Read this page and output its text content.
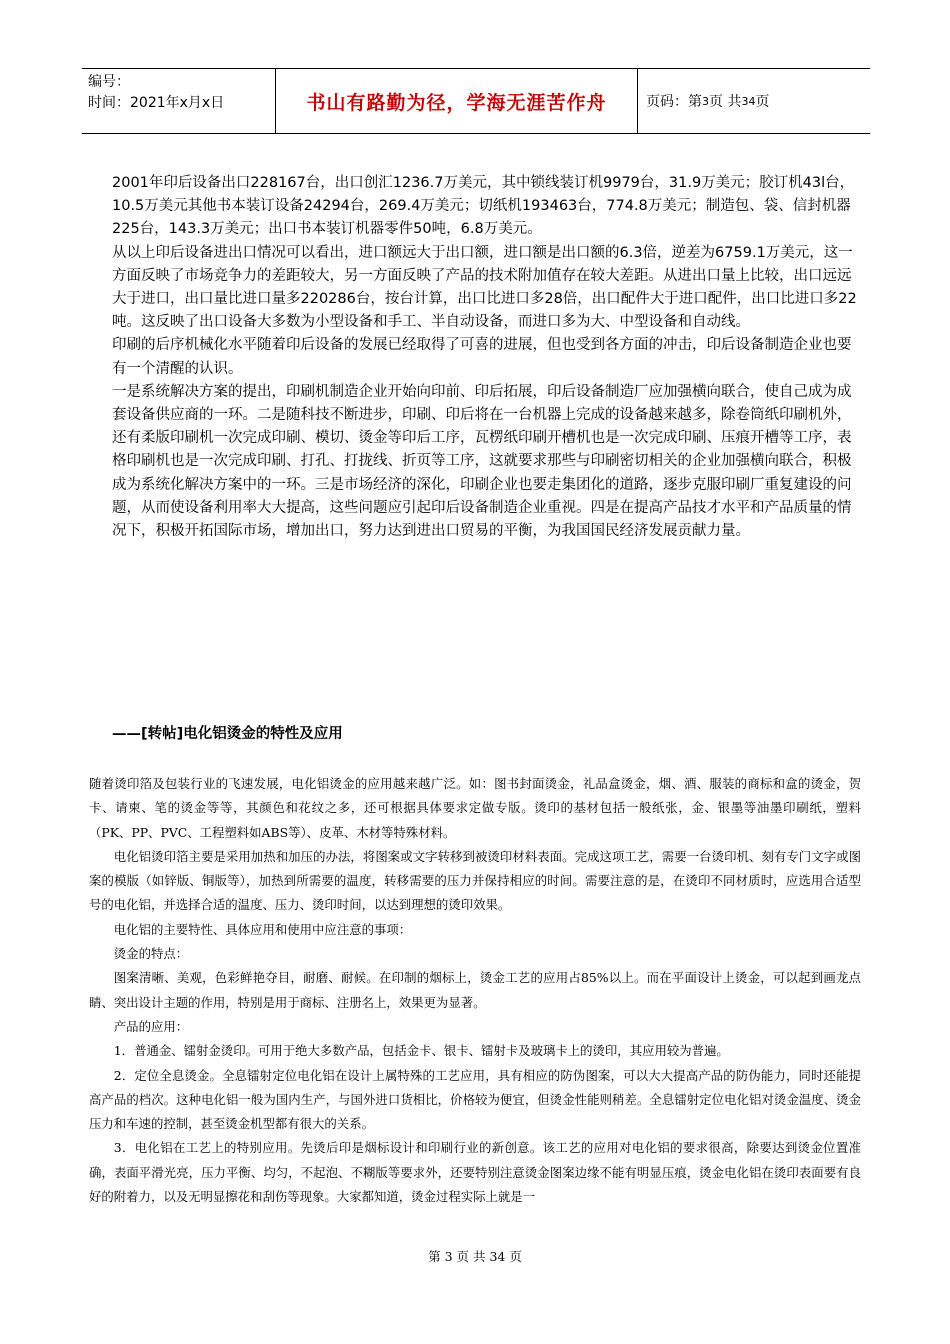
编号：
时间：2021年x月x日	书山有路勤为径，学海无涯苦作舟	页码：第 3 页 共 34 页

2001年印后设备出口228167台，出口创汇1236.7万美元，其中锁线装订机9979台，31.9万美元；胶订机43l台，10.5万美元其他书本装订设备24294台，269.4万美元；切纸机193463台，774.8万美元；制造包、袋、信封机器225台，143.3万美元；出口书本装订机器零件50吨，6.8万美元。

从以上印后设备进出口情况可以看出，进口额远大于出口额，进口额是出口额的6.3倍，逆差为6759.1万美元，这一方面反映了市场竞争力的差距较大，另一方面反映了产品的技术附加值存在较大差距。从进出口量上比较，出口远远大于进口，出口量比进口量多220286台，按台计算，出口比进口多28倍，出口配件大于进口配件，出口比进口多22吨。这反映了出口设备大多数为小型设备和手工、半自动设备，而进口多为大、中型设备和自动线。

印刷的后序机械化水平随着印后设备的发展已经取得了可喜的进展，但也受到各方面的冲击，印后设备制造企业也要有一个清醒的认识。

一是系统解决方案的提出，印刷机制造企业开始向印前、印后拓展，印后设备制造厂应加强横向联合，使自己成为成套设备供应商的一环。二是随科技不断进步，印刷、印后将在一台机器上完成的设备越来越多，除卷筒纸印刷机外，还有柔版印刷机一次完成印刷、模切、烫金等印后工序，瓦楞纸印刷开槽机也是一次完成印刷、压痕开槽等工序，表格印刷机也是一次完成印刷、打孔、打拢线、折页等工序，这就要求那些与印刷密切相关的企业加强横向联合，积极成为系统化解决方案中的一环。三是市场经济的深化，印刷企业也要走集团化的道路，逐步克服印刷厂重复建设的问题，从而使设备利用率大大提高，这些问题应引起印后设备制造企业重视。四是在提高产品技才水平和产品质量的情况下，积极开拓国际市场，增加出口，努力达到进出口贸易的平衡，为我国国民经济发展贡献力量。

——[转帖]电化铝烫金的特性及应用

随着烫印箔及包装行业的飞速发展，电化铝烫金的应用越来越广泛。如：图书封面烫金，礼品盒烫金，烟、酒、服装的商标和盒的烫金，贺卡、请柬、笔的烫金等等，其颜色和花纹之多，还可根据具体要求定做专版。烫印的基材包括一般纸张，金、银墨等油墨印刷纸，塑料（PK、PP、PVC、工程塑料如ABS等）、皮革、木材等特殊材料。

电化铝烫印箔主要是采用加热和加压的办法，将图案或文字转移到被烫印材料表面。完成这项工艺，需要一台烫印机、刻有专门文字或图案的模版（如锌版、铜版等），加热到所需要的温度，转移需要的压力并保持相应的时间。需要注意的是，在烫印不同材质时，应选用合适型号的电化铝，并选择合适的温度、压力、烫印时间，以达到理想的烫印效果。

电化铝的主要特性、具体应用和使用中应注意的事项：

烫金的特点：

图案清晰、美观，色彩鲜艳夺目，耐磨、耐候。在印制的烟标上，烫金工艺的应用占85%以上。而在平面设计上烫金，可以起到画龙点睛、突出设计主题的作用，特别是用于商标、注册名上，效果更为显著。

产品的应用：

1．普通金、镭射金烫印。可用于绝大多数产品，包括金卡、银卡、镭射卡及玻璃卡上的烫印，其应用较为普遍。

2．定位全息烫金。全息镭射定位电化铝在设计上属特殊的工艺应用，具有相应的防伪图案，可以大大提高产品的防伪能力，同时还能提高产品的档次。这种电化铝一般为国内生产，与国外进口货相比，价格较为便宜，但烫金性能则稍差。全息镭射定位电化铝对烫金温度、烫金压力和车速的控制，甚至烫金机型都有很大的关系。

3．电化铝在工艺上的特别应用。先烫后印是烟标设计和印刷行业的新创意。该工艺的应用对电化铝的要求很高，除要达到烫金位置准确，表面平滑光亮，压力平衡、均匀，不起泡、不糊版等要求外，还要特别注意烫金图案边缘不能有明显压痕，烫金电化铝在烫印表面要有良好的附着力，以及无明显擦花和刮伤等现象。大家都知道，烫金过程实际上就是一

第 3 页 共 34 页
